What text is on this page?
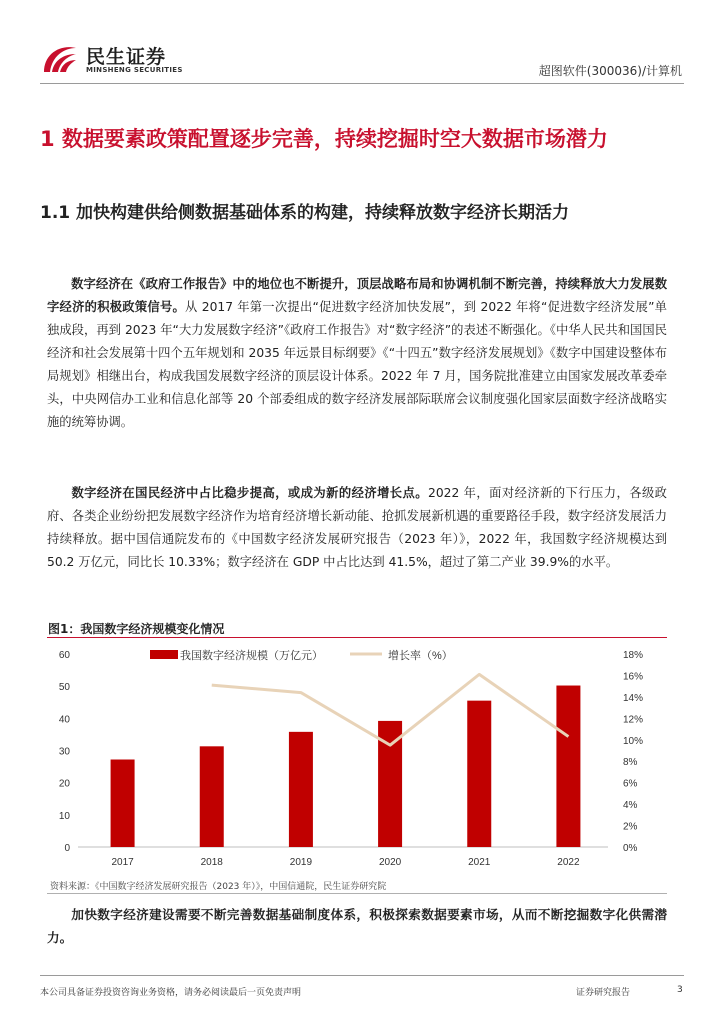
民生证券
MINSHENG SECURITIES	超图软件(300036)/计算机
1 数据要素政策配置逐步完善，持续挖掘时空大数据市场潜力
1.1 加快构建供给侧数据基础体系的构建，持续释放数字经济长期活力
数字经济在《政府工作报告》中的地位也不断提升，顶层战略布局和协调机制不断完善，持续释放大力发展数字经济的积极政策信号。从 2017 年第一次提出“促进数字经济加快发展”，到 2022 年将“促进数字经济发展”单独成段，再到 2023 年“大力发展数字经济”《政府工作报告》对“数字经济”的表述不断强化。《中华人民共和国国民经济和社会发展第十四个五年规划和 2035 年远景目标纲要》《“十四五”数字经济发展规划》《数字中国建设整体布局规划》相继出台，构成我国发展数字经济的顶层设计体系。2022 年 7 月，国务院批准建立由国家发展改革委牵头，中央网信办工业和信息化部等 20 个部委组成的数字经济发展部际联席会议制度强化国家层面数字经济战略实施的统筹协调。
数字经济在国民经济中占比稳步提高，或成为新的经济增长点。2022 年，面对经济新的下行压力，各级政府、各类企业纷纷把发展数字经济作为培育经济增长新动能、抢抓发展新机遇的重要路径手段，数字经济发展活力持续释放。据中国信通院发布的《中国数字经济发展研究报告（2023 年）》，2022 年，我国数字经济规模达到 50.2 万亿元，同比长 10.33%；数字经济在 GDP 中占比达到 41.5%，超过了第二产业 39.9%的水平。
图1：我国数字经济规模变化情况
0
10
20
30
40
50
60
0%
2%
4%
6%
8%
10%
12%
14%
16%
18%
2017	2018	2019	2020	2021	2022
我国数字经济规模（万亿元）	增长率（%）
资料来源：《中国数字经济发展研究报告（2023 年）》，中国信通院，民生证券研究院
加快数字经济建设需要不断完善数据基础制度体系，积极探索数据要素市场，从而不断挖掘数字化供需潜力。
本公司具备证券投资咨询业务资格，请务必阅读最后一页免责声明	证券研究报告	3
